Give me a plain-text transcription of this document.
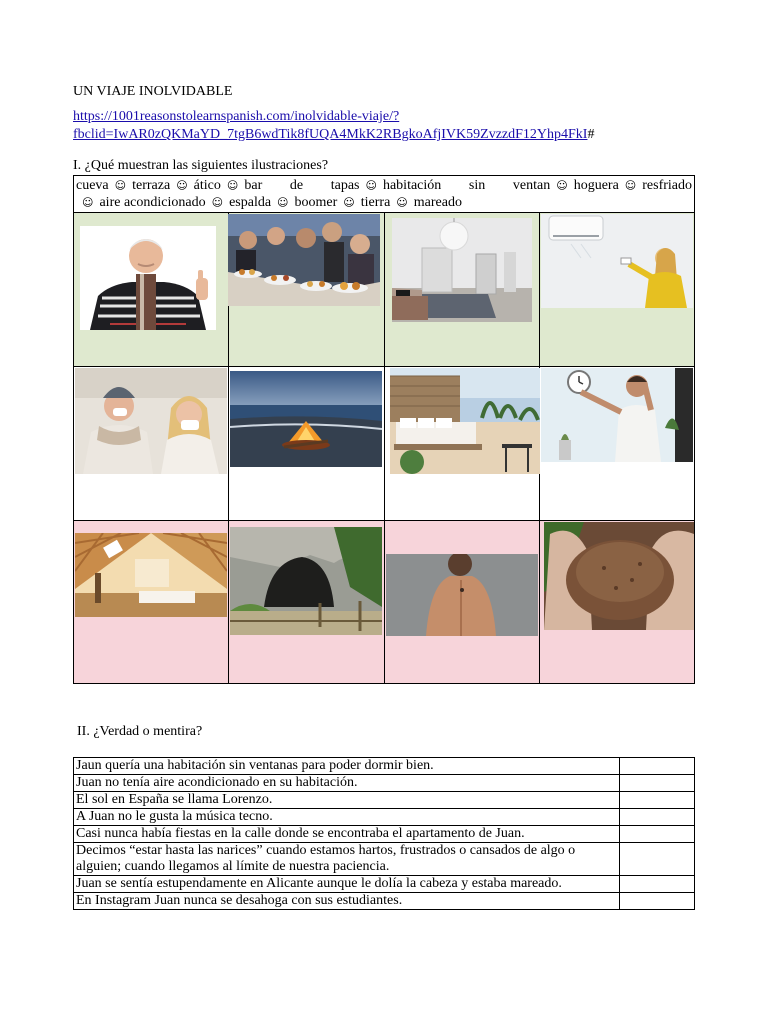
UN VIAJE INOLVIDABLE
https://1001reasonstolearnspanish.com/inolvidable-viaje/?
fbclid=IwAR0zQKMaYD_7tgB6wdTik8fUQA4MkK2RBgkoAfjIVK59ZvzzdF12Yhp4FkI#
I. ¿Qué muestran las siguientes ilustraciones?
cueva ☺ terraza ☺ ático ☺ bar de tapas ☺ habitación sin ventan ☺ hoguera ☺ resfriado
☺ aire acondicionado ☺ espalda ☺ boomer ☺ tierra ☺ mareado			

II. ¿Verdad o mentira?
Jaun quería una habitación sin ventanas para poder dormir bien.	
Juan no tenía aire acondicionado en su habitación.	
El sol en España se llama Lorenzo.	
A Juan no le gusta la música tecno.	
Casi nunca había fiestas en la calle donde se encontraba el apartamento de Juan.	
Decimos “estar hasta las narices” cuando estamos hartos, frustrados o cansados de algo o alguien; cuando llegamos al límite de nuestra paciencia.	
Juan se sentía estupendamente en Alicante aunque le dolía la cabeza y estaba mareado.	
En Instagram Juan nunca se desahoga con sus estudiantes.	
